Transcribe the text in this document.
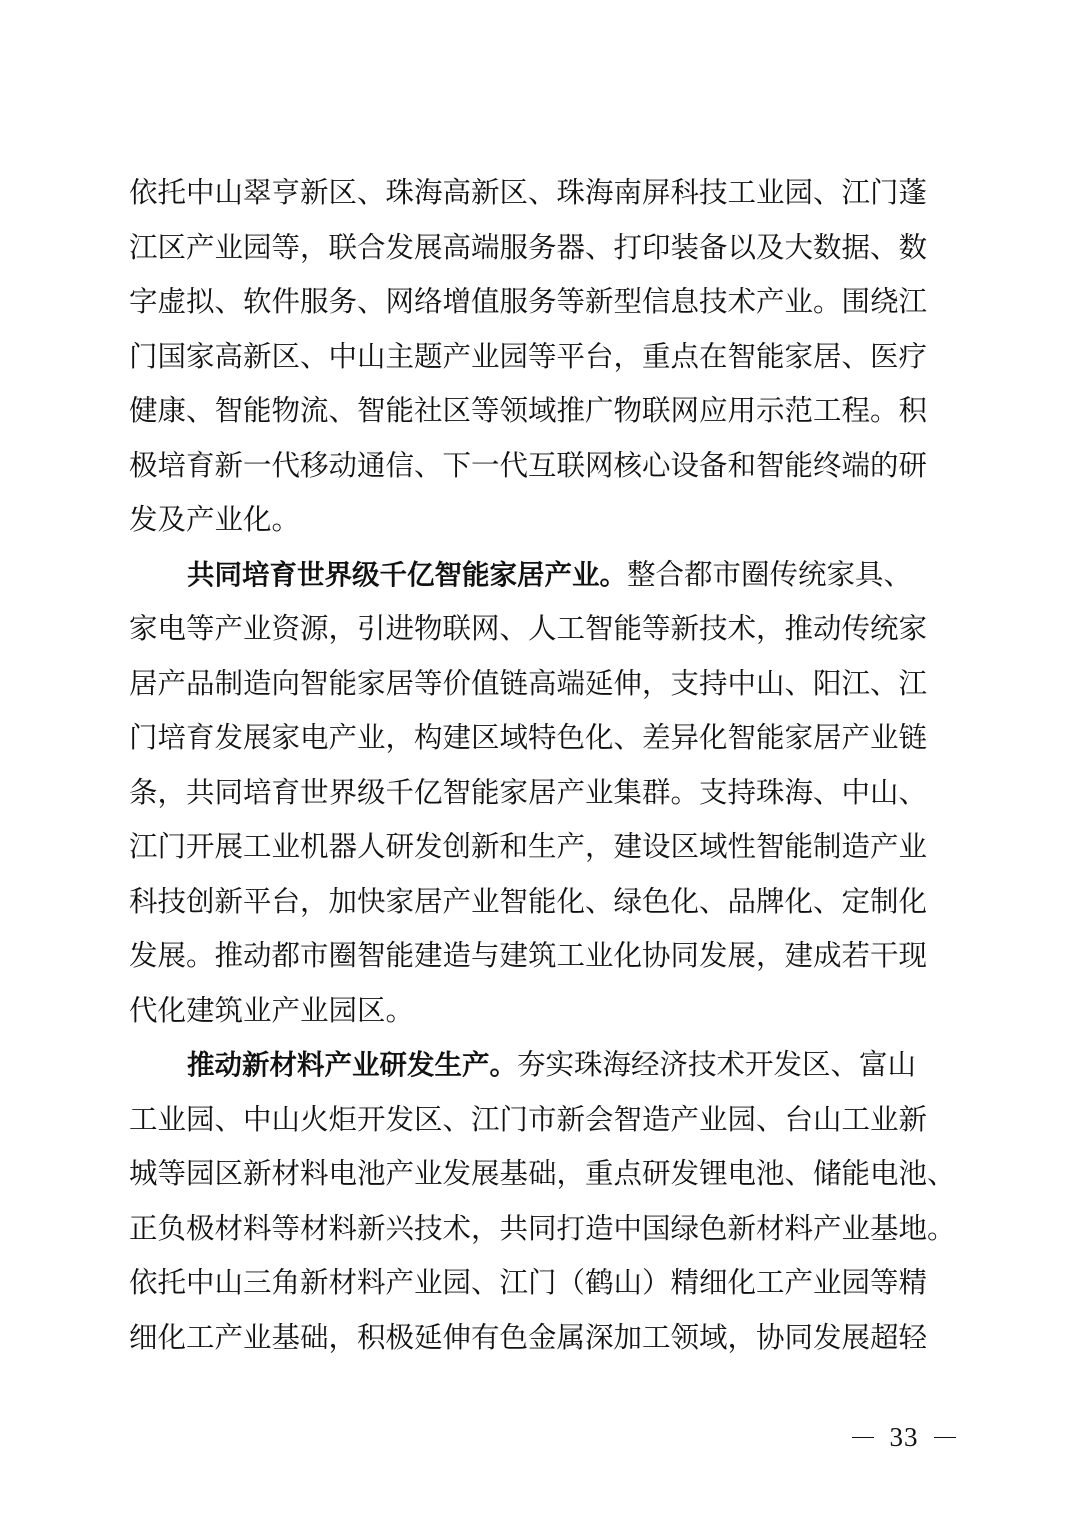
依托中山翠亨新区、珠海高新区、珠海南屏科技工业园、江门蓬
江区产业园等，联合发展高端服务器、打印装备以及大数据、数
字虚拟、软件服务、网络增值服务等新型信息技术产业。围绕江
门国家高新区、中山主题产业园等平台，重点在智能家居、医疗
健康、智能物流、智能社区等领域推广物联网应用示范工程。积
极培育新一代移动通信、下一代互联网核心设备和智能终端的研
发及产业化。
共同培育世界级千亿智能家居产业。整合都市圈传统家具、
家电等产业资源，引进物联网、人工智能等新技术，推动传统家
居产品制造向智能家居等价值链高端延伸，支持中山、阳江、江
门培育发展家电产业，构建区域特色化、差异化智能家居产业链
条，共同培育世界级千亿智能家居产业集群。支持珠海、中山、
江门开展工业机器人研发创新和生产，建设区域性智能制造产业
科技创新平台，加快家居产业智能化、绿色化、品牌化、定制化
发展。推动都市圈智能建造与建筑工业化协同发展，建成若干现
代化建筑业产业园区。
推动新材料产业研发生产。夯实珠海经济技术开发区、富山
工业园、中山火炬开发区、江门市新会智造产业园、台山工业新
城等园区新材料电池产业发展基础，重点研发锂电池、储能电池、
正负极材料等材料新兴技术，共同打造中国绿色新材料产业基地。
依托中山三角新材料产业园、江门（鹤山）精细化工产业园等精
细化工产业基础，积极延伸有色金属深加工领域，协同发展超轻
33
